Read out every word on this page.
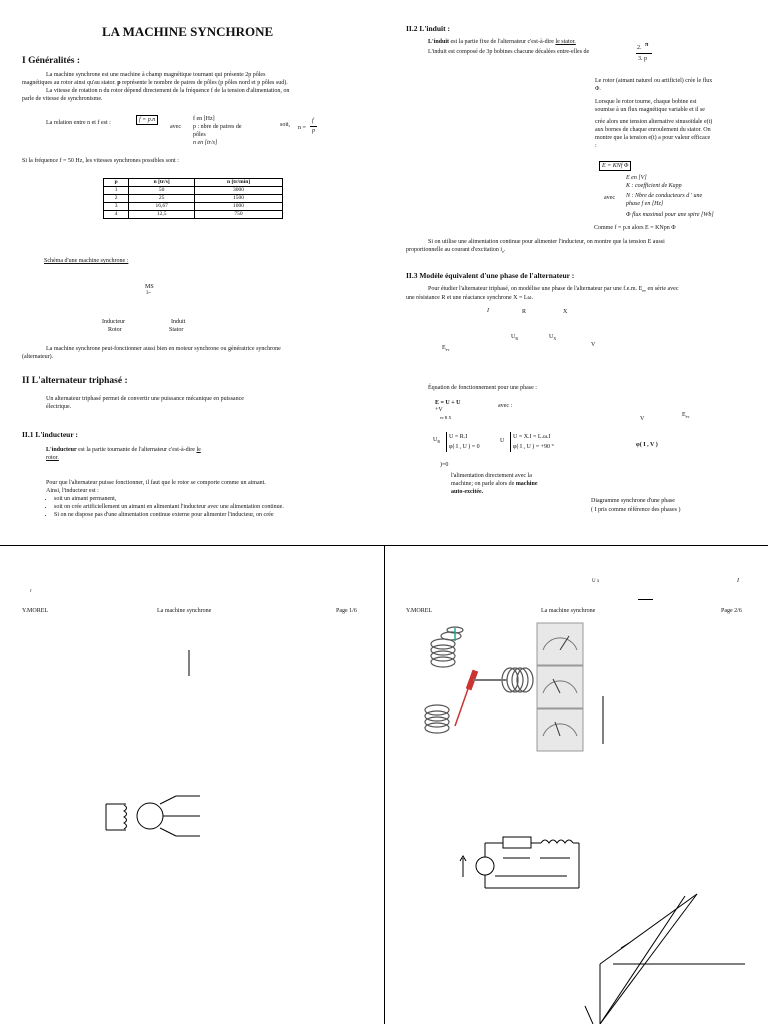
LA MACHINE SYNCHRONE
I Généralités :
La machine synchrone est une machine à champ magnétique tournant qui présente 2p pôles
magnétiques au rotor ainsi qu'au stator. p représente le nombre de paires de pôles (p pôles nord et p pôles sud).
La vitesse de rotation n du rotor dépend directement de la fréquence f de la tension d'alimentation, on
parle de vitesse de synchronisme.
La relation entre n et f est :	f = p.n
avec
f en [Hz]
p : nbre de paires de
pôles
n en [tr/s]
soit, n =
f
p
Si la fréquence f = 50 Hz, les vitesses synchrones possibles sont :
p	n [tr/s]	n [tr/min]
1	50	3000
2	25	1500
3	16,67	1000
4	12,5	750
Schéma d'une machine synchrone :
MS
3~
Inducteur
Rotor
Induit
Stator
La machine synchrone peut-fonctionner aussi bien en moteur synchrone ou génératrice synchrone
(alternateur).
II L'alternateur triphasé :
Un alternateur triphasé permet de convertir une puissance mécanique en puissance
électrique.
II.1 L'inducteur :
L'inducteur est la partie tournante de l'alternateur c'est-à-dire le
rotor.
Pour que l'alternateur puisse fonctionner, il faut que le rotor se comporte comme un aimant.
Ainsi, l'inducteur est :
• soit un aimant permanent,
• soit on crée artificiellement un aimant en alimentant l'inducteur avec une alimentation continue.
• Si on ne dispose pas d'une alimentation continue externe pour alimenter l'inducteur, on crée
II.2 L'induit :
L'induit est la partie fixe de l'alternateur c'est-à-dire le stator.
L'induit est composé de 3p bobines chacune décalées entre-elles de
2. π
3. p
Le rotor (aimant naturel ou artificiel) crée le flux
Φ.
Lorsque le rotor tourne, chaque bobine est
soumise à un flux magnétique variable et il se
crée alors une tension alternative sinusoïdale e(t)
aux bornes de chaque enroulement du stator. On
montre que la tension e(t) a pour valeur efficace
:
E = KNf Φ
E en [V]
K : coefficient de Kapp
avec N : Nbre de conducteurs d ' une
phase f en [Hz]
Φ flux maximal pour une spire [Wb]
Comme f = p.n alors E = KNpn Φ
Si on utilise une alimentation continue pour alimenter l'inducteur, on montre que la tension E aussi
proportionnelle au courant d'excitation $i_e$.
II.3 Modèle équivalent d'une phase de l'alternateur :
Pour étudier l'alternateur triphasé, on modélise une phase de l'alternateur par une f.e.m. $E_{ev}$ en série avec
une résistance R et une réactance synchrone X = Lω.
I	R	X
$U_R$	$U_X$
V
$E_{ev}$
Équation de fonctionnement pour une phase :
E = U + U
+V
ev R X
avec :
$U_R$
U = R.I
φ( I , U ) = 0
U
U = X.I = L.ω.I
φ( I , U ) = +90 °
)=0
l'alimentation directement avec la
machine; on parle alors de machine
auto-excitée.
V
$E_{ev}$
φ( I , V )
Diagramme synchrone d'une phase
( I pris comme référence des phases )
r
Y.MOREL	La machine synchrone	Page 1/6
U x	I
Y.MOREL	La machine synchrone	Page 2/6
